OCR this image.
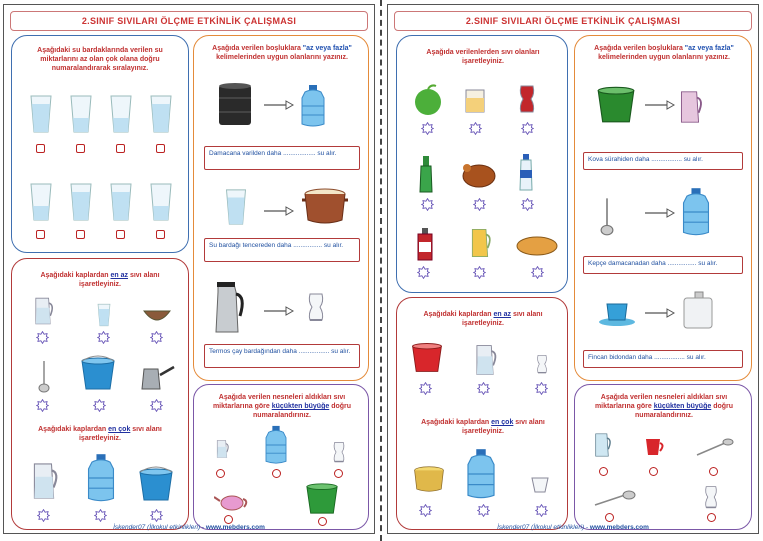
2.SINIF SIVILARI ÖLÇME ETKİNLİK ÇALIŞMASI
Aşağıdaki su bardaklarında verilen su miktarlarını az olan çok olana doğru numaralandırarak sıralayınız.
Aşağıda verilen boşluklara "az veya fazla" kelimelerinden uygun olanlarını yazınız.
Damacana varilden daha .................. su alır.
Su bardağı tencereden daha ................ su alır.
Termos çay bardağından daha ................. su alır.
Aşağıdaki kaplardan en az sıvı alanı işaretleyiniz.
Aşağıdaki kaplardan en çok sıvı alanı işaretleyiniz.
Aşağıda verilen nesneleri aldıkları sıvı miktarlarına göre küçükten büyüğe doğru numaralandırınız.
İskender07 (İlkokul etkinlikleri) - www.mebders.com
2.SINIF SIVILARI ÖLÇME ETKİNLİK ÇALIŞMASI
Aşağıda verilenlerden sıvı olanları işaretleyiniz.
Aşağıda verilen boşluklara "az veya fazla" kelimelerinden uygun olanlarını yazınız.
Kova sürahiden daha ................. su alır.
Kepçe damacanadan daha ................ su alır.
Fincan bidondan daha ................. su alır.
Aşağıdaki kaplardan en az sıvı alanı işaretleyiniz.
Aşağıdaki kaplardan en çok sıvı alanı işaretleyiniz.
Aşağıda verilen nesneleri aldıkları sıvı miktarlarına göre küçükten büyüğe doğru numaralandırınız.
İskender07 (İlkokul etkinlikleri) - www.mebders.com
